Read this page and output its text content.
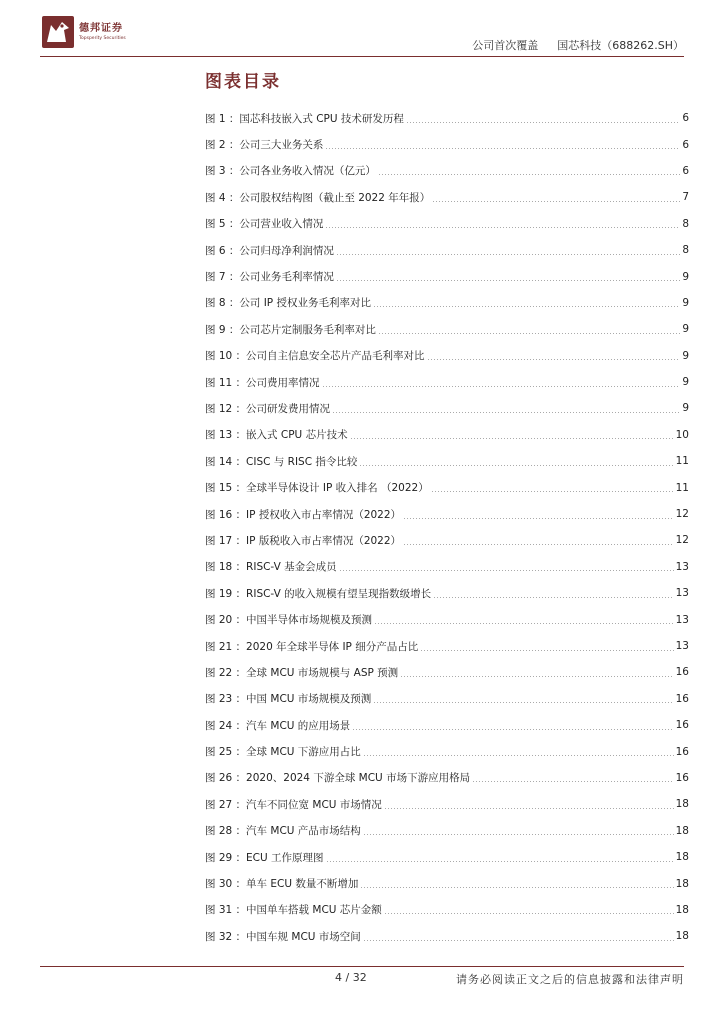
德邦证券
Topsperity Securities
公司首次覆盖 国芯科技（688262.SH）
图表目录
图 1 ：国芯科技嵌入式 CPU 技术研发历程	6
图 2 ：公司三大业务关系	6
图 3 ：公司各业务收入情况（亿元）	6
图 4 ：公司股权结构图（截止至 2022 年年报）	7
图 5 ：公司营业收入情况	8
图 6 ：公司归母净利润情况	8
图 7 ：公司业务毛利率情况	9
图 8 ：公司 IP 授权业务毛利率对比	9
图 9 ：公司芯片定制服务毛利率对比	9
图 10 ：公司自主信息安全芯片产品毛利率对比	9
图 11 ：公司费用率情况	9
图 12 ：公司研发费用情况	9
图 13 ：嵌入式 CPU 芯片技术	10
图 14 ：CISC 与 RISC 指令比较	11
图 15 ：全球半导体设计 IP 收入排名 （2022）	11
图 16 ：IP 授权收入市占率情况（2022）	12
图 17 ：IP 版税收入市占率情况（2022）	12
图 18 ：RISC-V 基金会成员	13
图 19 ：RISC-V 的收入规模有望呈现指数级增长	13
图 20 ：中国半导体市场规模及预测	13
图 21 ：2020 年全球半导体 IP 细分产品占比	13
图 22 ：全球 MCU 市场规模与 ASP 预测	16
图 23 ：中国 MCU 市场规模及预测	16
图 24 ：汽车 MCU 的应用场景	16
图 25 ：全球 MCU 下游应用占比	16
图 26 ：2020、2024 下游全球 MCU 市场下游应用格局	16
图 27 ：汽车不同位宽 MCU 市场情况	18
图 28 ：汽车 MCU 产品市场结构	18
图 29 ：ECU 工作原理图	18
图 30 ：单车 ECU 数量不断增加	18
图 31 ：中国单车搭载 MCU 芯片金额	18
图 32 ：中国车规 MCU 市场空间	18
4 / 32	请务必阅读正文之后的信息披露和法律声明
